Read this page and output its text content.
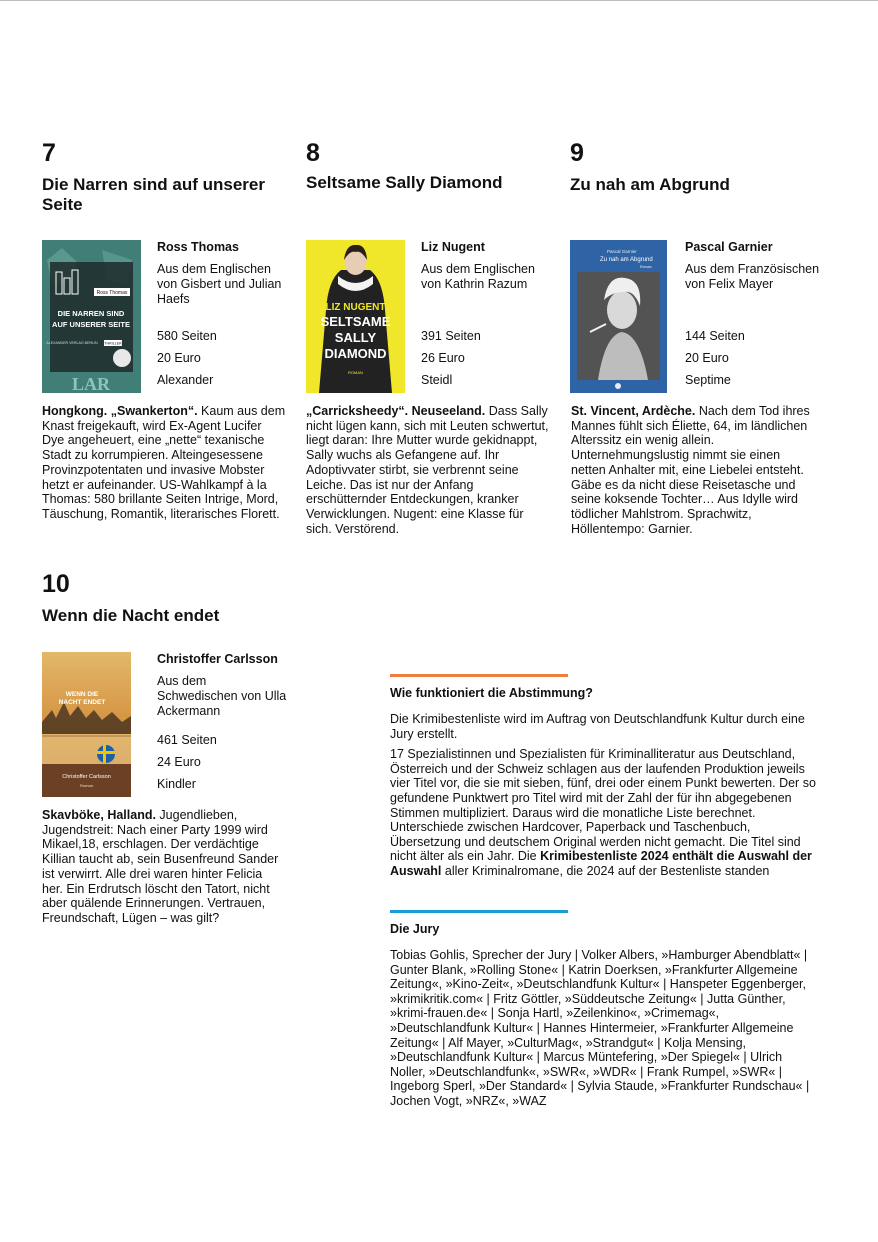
7
Die Narren sind auf unserer Seite
Ross Thomas
DIE NARREN SIND
AUF UNSERER SEITE
ALEXANDER VERLAG BERLIN THRILLER
LAR
Ross Thomas
Aus dem Englischen von Gisbert und Julian Haefs
580 Seiten
20 Euro
Alexander
Hongkong. „Swankerton“. Kaum aus dem Knast freigekauft, wird Ex-Agent Lucifer Dye angeheuert, eine „nette“ texanische Stadt zu korrumpieren. Alteingesessene Provinzpotentaten und invasive Mobster hetzt er aufeinander. US-Wahlkampf à la Thomas: 580 brillante Seiten Intrige, Mord, Täuschung, Romantik, literarisches Florett.
8
Seltsame Sally Diamond
LIZ NUGENT
SELTSAME
SALLY
DIAMOND
ROMAN
Liz Nugent
Aus dem Englischen von Kathrin Razum
391 Seiten
26 Euro
Steidl
„Carricksheedy“. Neuseeland. Dass Sally nicht lügen kann, sich mit Leuten schwertut, liegt daran: Ihre Mutter wurde gekidnappt, Sally wuchs als Gefangene auf. Ihr Adoptivvater stirbt, sie verbrennt seine Leiche. Das ist nur der Anfang erschütternder Entdeckungen, kranker Verwicklungen. Nugent: eine Klasse für sich. Verstörend.
9
Zu nah am Abgrund
Pascal Garnier
Zu nah am Abgrund
Roman
Pascal Garnier
Aus dem Französischen von Felix Mayer
144 Seiten
20 Euro
Septime
St. Vincent, Ardèche. Nach dem Tod ihres Mannes fühlt sich Éliette, 64, im ländlichen Alterssitz ein wenig allein. Unternehmungslustig nimmt sie einen netten Anhalter mit, eine Liebelei entsteht. Gäbe es da nicht diese Reisetasche und seine koksende Tochter… Aus Idylle wird tödlicher Mahlstrom. Sprachwitz, Höllentempo: Garnier.
10
Wenn die Nacht endet
WENN DIE
NACHT ENDET
Christoffer Carlsson
Roman
Christoffer Carlsson
Aus dem Schwedischen von Ulla Ackermann
461 Seiten
24 Euro
Kindler
Skavböke, Halland. Jugendlieben, Jugendstreit: Nach einer Party 1999 wird Mikael,18, erschlagen. Der verdächtige Killian taucht ab, sein Busenfreund Sander ist verwirrt. Alle drei waren hinter Felicia her. Ein Erdrutsch löscht den Tatort, nicht aber quälende Erinnerungen. Vertrauen, Freundschaft, Lügen – was gilt?
Wie funktioniert die Abstimmung?

Die Krimibestenliste wird im Auftrag von Deutschlandfunk Kultur durch eine Jury erstellt.

17 Spezialistinnen und Spezialisten für Kriminalliteratur aus Deutschland, Österreich und der Schweiz schlagen aus der laufenden Produktion jeweils vier Titel vor, die sie mit sieben, fünf, drei oder einem Punkt bewerten. Der so gefundene Punktwert pro Titel wird mit der Zahl der für ihn abgegebenen Stimmen multipliziert. Daraus wird die monatliche Liste berechnet. Unterschiede zwischen Hardcover, Paperback und Taschenbuch, Übersetzung und deutschem Original werden nicht gemacht. Die Titel sind nicht älter als ein Jahr. Die Krimibestenliste 2024 enthält die Auswahl der Auswahl aller Kriminalromane, die 2024 auf der Bestenliste standen

Die Jury
Tobias Gohlis, Sprecher der Jury | Volker Albers, »Hamburger Abendblatt« | Gunter Blank, »Rolling Stone« | Katrin Doerksen, »Frankfurter Allgemeine Zeitung«, »Kino-Zeit«, »Deutschlandfunk Kultur« | Hanspeter Eggenberger, »krimikritik.com« | Fritz Göttler, »Süddeutsche Zeitung« | Jutta Günther, »krimi-frauen.de« | Sonja Hartl, »Zeilenkino«, »Crimemag«, »Deutschlandfunk Kultur« | Hannes Hintermeier, »Frankfurter Allgemeine Zeitung« | Alf Mayer, »CulturMag«, »Strandgut« | Kolja Mensing, »Deutschlandfunk Kultur« | Marcus Müntefering, »Der Spiegel« | Ulrich Noller, »Deutschlandfunk«, »SWR«, »WDR« | Frank Rumpel, »SWR« | Ingeborg Sperl, »Der Standard« | Sylvia Staude, »Frankfurter Rundschau« | Jochen Vogt, »NRZ«, »WAZ
